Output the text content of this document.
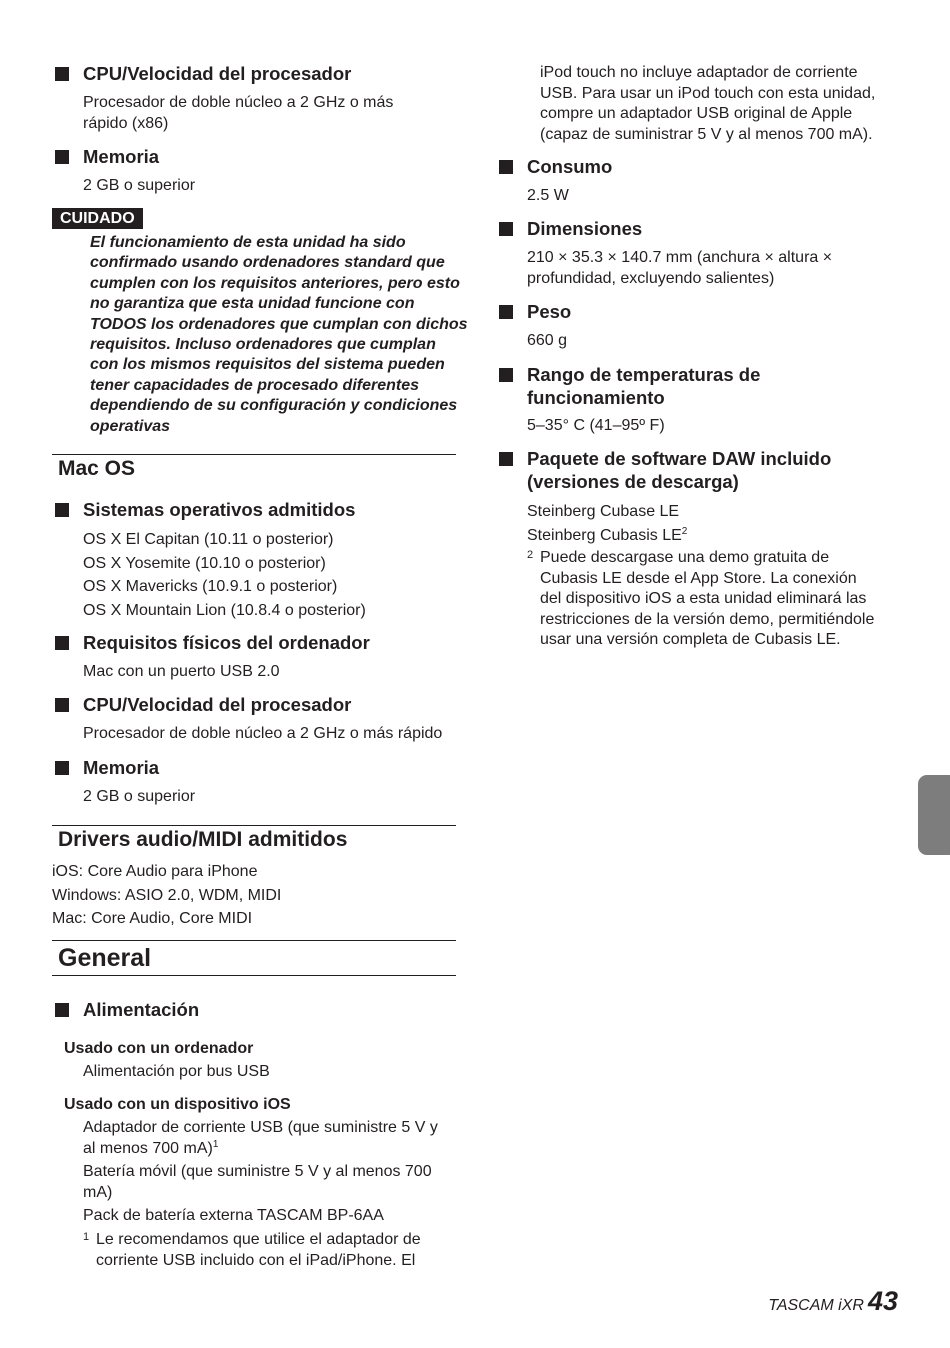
CPU/Velocidad del procesador
Procesador de doble núcleo a 2 GHz o más
rápido (x86)
Memoria
2 GB o superior
CUIDADO
El funcionamiento de esta unidad ha sido
confirmado usando ordenadores standard que
cumplen con los requisitos anteriores, pero esto
no garantiza que esta unidad funcione con
TODOS los ordenadores que cumplan con dichos
requisitos. Incluso ordenadores que cumplan
con los mismos requisitos del sistema pueden
tener capacidades de procesado diferentes
dependiendo de su configuración y condiciones
operativas
Mac OS
Sistemas operativos admitidos
OS X El Capitan (10.11 o posterior)
OS X Yosemite (10.10 o posterior)
OS X Mavericks (10.9.1 o posterior)
OS X Mountain Lion (10.8.4 o posterior)
Requisitos físicos del ordenador
Mac con un puerto USB 2.0
CPU/Velocidad del procesador
Procesador de doble núcleo a 2 GHz o más rápido
Memoria
2 GB o superior
Drivers audio/MIDI admitidos
iOS: Core Audio para iPhone
Windows: ASIO 2.0, WDM, MIDI
Mac: Core Audio, Core MIDI
General
Alimentación
Usado con un ordenador
Alimentación por bus USB
Usado con un dispositivo iOS
Adaptador de corriente USB (que suministre 5 V y
al menos 700 mA)$^1$
Batería móvil (que suministre 5 V y al menos 700
mA)
Pack de batería externa TASCAM BP-6AA
1 Le recomendamos que utilice el adaptador de
corriente USB incluido con el iPad/iPhone. El
iPod touch no incluye adaptador de corriente
USB. Para usar un iPod touch con esta unidad,
compre un adaptador USB original de Apple
(capaz de suministrar 5 V y al menos 700 mA).
Consumo
2.5 W
Dimensiones
210 × 35.3 × 140.7 mm (anchura × altura ×
profundidad, excluyendo salientes)
Peso
660 g
Rango de temperaturas de
funcionamiento
5–35° C (41–95º F)
Paquete de software DAW incluido
(versiones de descarga)
Steinberg Cubase LE
Steinberg Cubasis $LE^2$
2 Puede descargase una demo gratuita de
Cubasis LE desde el App Store. La conexión
del dispositivo iOS a esta unidad eliminará las
restricciones de la versión demo, permitiéndole
usar una versión completa de Cubasis LE.
TASCAM iXR 43
